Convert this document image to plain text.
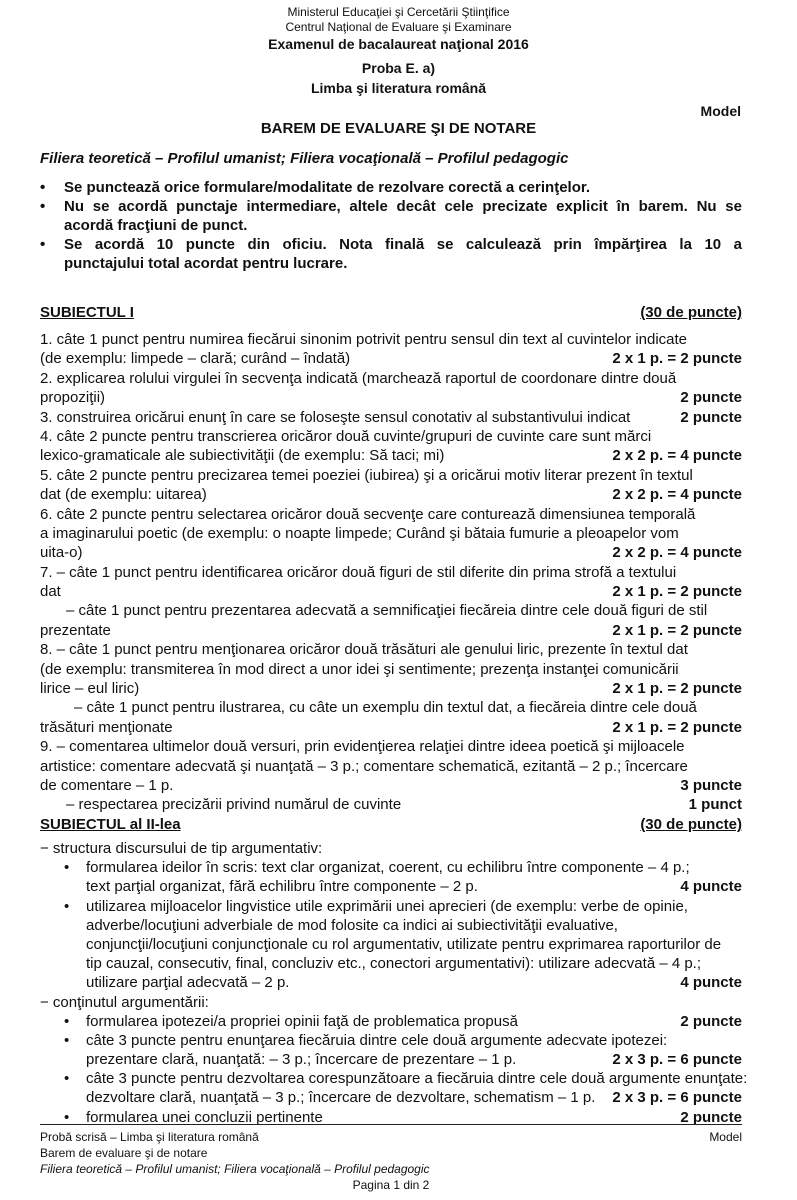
Ministerul Educaţiei şi Cercetării Ştiinţifice
Centrul Naţional de Evaluare şi Examinare
Examenul de bacalaureat naţional 2016
Proba E. a)
Limba şi literatura română
Model
BAREM DE EVALUARE ŞI DE NOTARE
Filiera teoretică – Profilul umanist; Filiera vocaţională – Profilul pedagogic
• Se punctează orice formulare/modalitate de rezolvare corectă a cerinţelor.
• Nu se acordă punctaje intermediare, altele decât cele precizate explicit în barem. Nu se
acordă fracţiuni de punct.
• Se acordă 10 puncte din oficiu. Nota finală se calculează prin împărţirea la 10 a
punctajului total acordat pentru lucrare.
SUBIECTUL I	(30 de puncte)
1. câte 1 punct pentru numirea fiecărui sinonim potrivit pentru sensul din text al cuvintelor indicate
(de exemplu: limpede – clară; curând – îndată)	2 x 1 p. = 2 puncte
2. explicarea rolului virgulei în secvenţa indicată (marchează raportul de coordonare dintre două
propoziţii)	2 puncte
3. construirea oricărui enunţ în care se foloseşte sensul conotativ al substantivului indicat	2 puncte
4. câte 2 puncte pentru transcrierea oricăror două cuvinte/grupuri de cuvinte care sunt mărci
lexico-gramaticale ale subiectivităţii (de exemplu: Să taci; mi)	2 x 2 p. = 4 puncte
5. câte 2 puncte pentru precizarea temei poeziei (iubirea) şi a oricărui motiv literar prezent în textul
dat (de exemplu: uitarea)	2 x 2 p. = 4 puncte
6. câte 2 puncte pentru selectarea oricăror două secvenţe care conturează dimensiunea temporală
a imaginarului poetic (de exemplu: o noapte limpede; Curând şi bătaia fumurie a pleoapelor vom
uita-o)	2 x 2 p. = 4 puncte
7. – câte 1 punct pentru identificarea oricăror două figuri de stil diferite din prima strofă a textului
dat	2 x 1 p. = 2 puncte
– câte 1 punct pentru prezentarea adecvată a semnificaţiei fiecăreia dintre cele două figuri de stil
prezentate	2 x 1 p. = 2 puncte
8. – câte 1 punct pentru menţionarea oricăror două trăsături ale genului liric, prezente în textul dat
(de exemplu: transmiterea în mod direct a unor idei şi sentimente; prezenţa instanţei comunicării
lirice – eul liric)	2 x 1 p. = 2 puncte
– câte 1 punct pentru ilustrarea, cu câte un exemplu din textul dat, a fiecăreia dintre cele două
trăsături menţionate	2 x 1 p. = 2 puncte
9. – comentarea ultimelor două versuri, prin evidenţierea relaţiei dintre ideea poetică şi mijloacele
artistice: comentare adecvată şi nuanţată – 3 p.; comentare schematică, ezitantă – 2 p.; încercare
de comentare – 1 p.	3 puncte
– respectarea precizării privind numărul de cuvinte	1 punct
SUBIECTUL al II-lea	(30 de puncte)
− structura discursului de tip argumentativ:
• formularea ideilor în scris: text clar organizat, coerent, cu echilibru între componente – 4 p.;
text parţial organizat, fără echilibru între componente – 2 p.	4 puncte
• utilizarea mijloacelor lingvistice utile exprimării unei aprecieri (de exemplu: verbe de opinie,
adverbe/locuţiuni adverbiale de mod folosite ca indici ai subiectivităţii evaluative,
conjuncţii/locuţiuni conjuncţionale cu rol argumentativ, utilizate pentru exprimarea raporturilor de
tip cauzal, consecutiv, final, concluziv etc., conectori argumentativi): utilizare adecvată – 4 p.;
utilizare parţial adecvată – 2 p.	4 puncte
− conţinutul argumentării:
• formularea ipotezei/a propriei opinii faţă de problematica propusă	2 puncte
• câte 3 puncte pentru enunţarea fiecăruia dintre cele două argumente adecvate ipotezei:
prezentare clară, nuanţată: – 3 p.; încercare de prezentare – 1 p.	2 x 3 p. = 6 puncte
• câte 3 puncte pentru dezvoltarea corespunzătoare a fiecăruia dintre cele două argumente enunţate:
dezvoltare clară, nuanţată – 3 p.; încercare de dezvoltare, schematism – 1 p. 2 x 3 p. = 6 puncte
• formularea unei concluzii pertinente	2 puncte
Probă scrisă – Limba şi literatura română	Model
Barem de evaluare şi de notare
Filiera teoretică – Profilul umanist; Filiera vocaţională – Profilul pedagogic
Pagina 1 din 2
